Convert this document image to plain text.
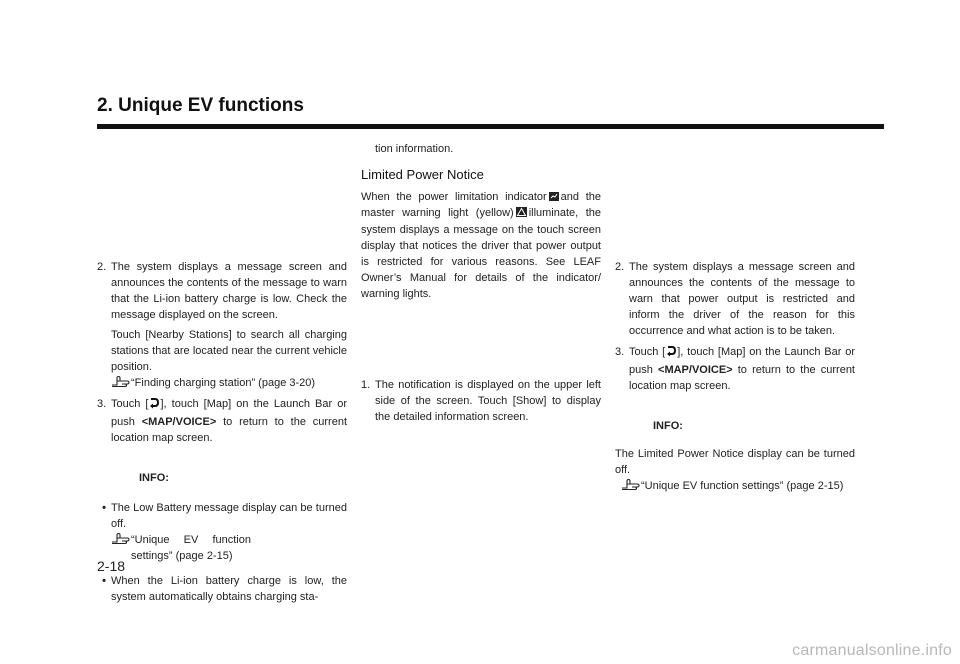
2. Unique EV functions
2. The system displays a message screen and announces the contents of the message to warn that the Li-ion battery charge is low. Check the message displayed on the screen.

Touch [Nearby Stations] to search all charging stations that are located near the current vehicle position.

“Finding charging station” (page 3-20)

3. Touch [ ], touch [Map] on the Launch Bar or push <MAP/VOICE> to return to the current location map screen.

INFO:

• The Low Battery message display can be turned off.

“Unique EV function settings” (page 2-15)

• When the Li-ion battery charge is low, the system automatically obtains charging sta-

tion information.

Limited Power Notice

When the power limitation indicator and the master warning light (yellow) illuminate, the system displays a message on the touch screen display that notices the driver that power output is restricted for various reasons. See LEAF Owner’s Manual for details of the indicator/ warning lights.

1. The notification is displayed on the upper left side of the screen. Touch [Show] to display the detailed information screen.

2. The system displays a message screen and announces the contents of the message to warn that power output is restricted and inform the driver of the reason for this occurrence and what action is to be taken.

3. Touch [ ], touch [Map] on the Launch Bar or push <MAP/VOICE> to return to the current location map screen.

INFO:

The Limited Power Notice display can be turned off.

“Unique EV function settings” (page 2-15)

2-18

carmanualsonline.info
